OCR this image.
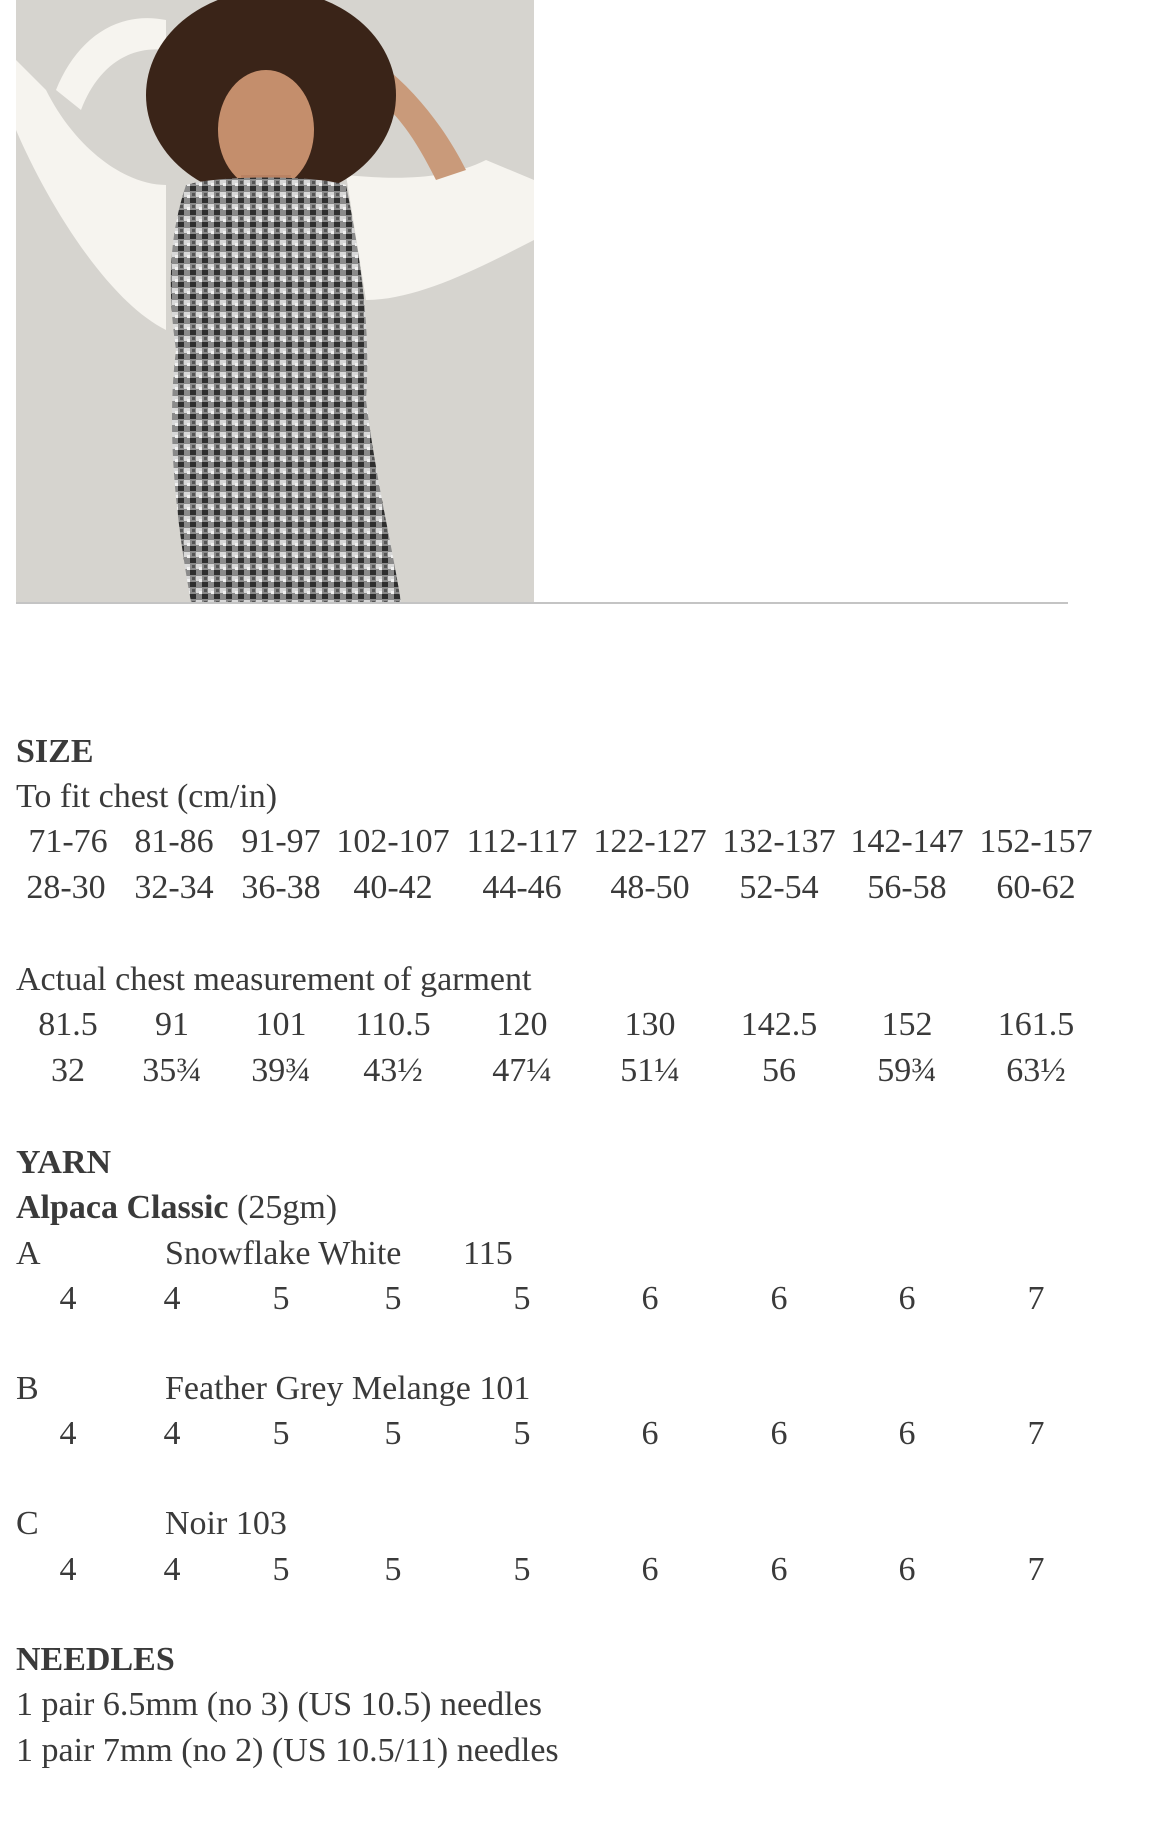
SIZE
To fit chest (cm/in)
71-76 81-86 91-97 102-107 112-117 122-127 132-137 142-147 152-157
28-30 32-34 36-38 40-42 44-46 48-50 52-54 56-58 60-62
Actual chest measurement of garment
81.5 91 101 110.5 120 130 142.5 152 161.5
32 35¾ 39¾ 43½ 47¼ 51¼ 56 59¾ 63½
YARN
Alpaca Classic (25gm)
A	Snowflake White 115
4	4	5	5	5	6	6	6	7
B	Feather Grey Melange 101
4	4	5	5	5	6	6	6	7
C	Noir 103
4	4	5	5	5	6	6	6	7
NEEDLES
1 pair 6.5mm (no 3) (US 10.5) needles
1 pair 7mm (no 2) (US 10.5/11) needles
